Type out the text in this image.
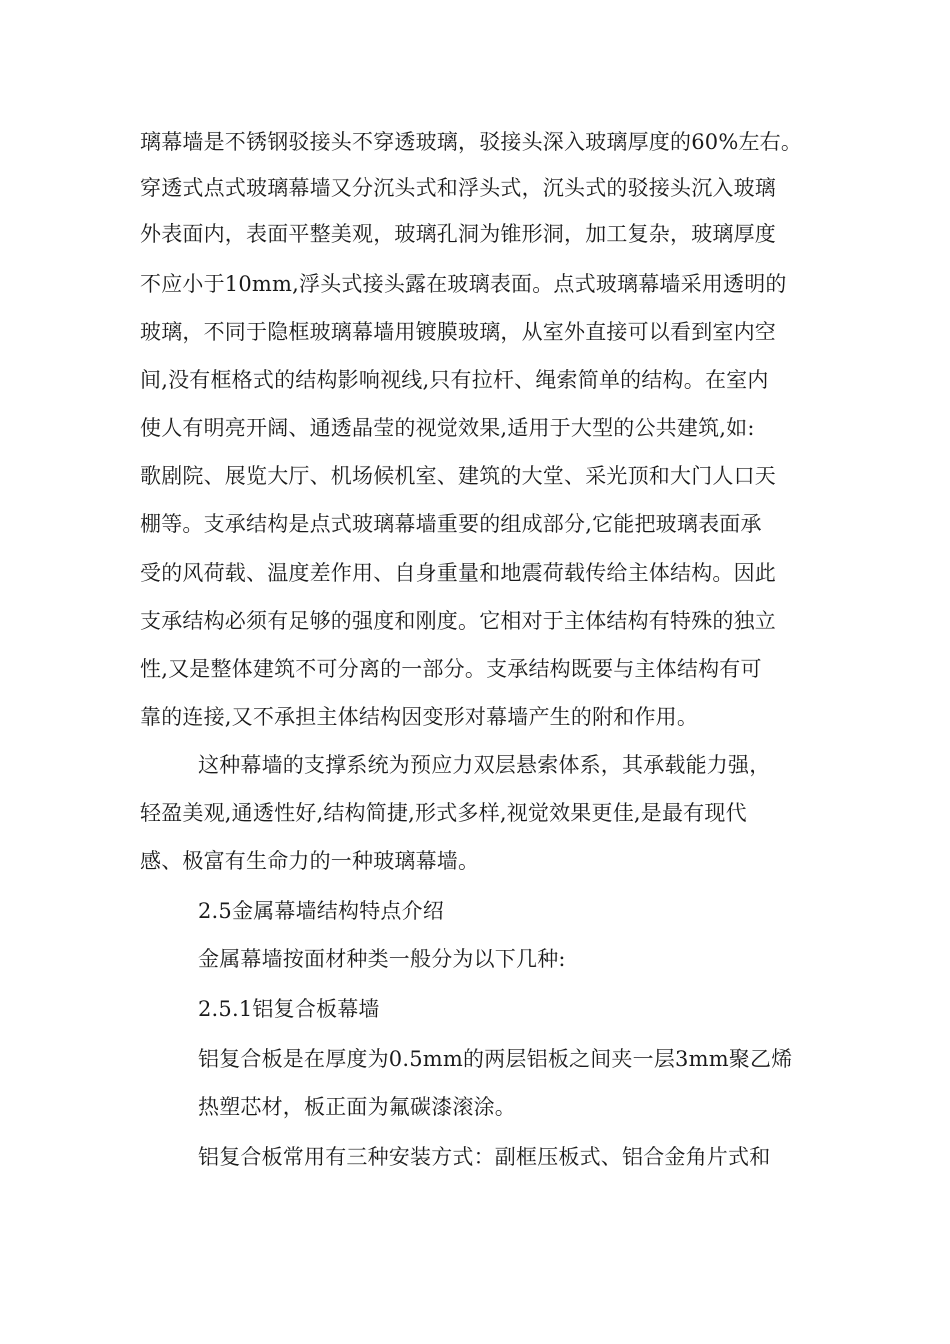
璃幕墙是不锈钢驳接头不穿透玻璃，驳接头深入玻璃厚度的60%左右。
穿透式点式玻璃幕墙又分沉头式和浮头式，沉头式的驳接头沉入玻璃
外表面内，表面平整美观，玻璃孔洞为锥形洞，加工复杂，玻璃厚度
不应小于10mm,浮头式接头露在玻璃表面。点式玻璃幕墙采用透明的
玻璃，不同于隐框玻璃幕墙用镀膜玻璃，从室外直接可以看到室内空
间,没有框格式的结构影响视线,只有拉杆、绳索简单的结构。在室内
使人有明亮开阔、通透晶莹的视觉效果,适用于大型的公共建筑,如:
歌剧院、展览大厅、机场候机室、建筑的大堂、采光顶和大门人口天
棚等。支承结构是点式玻璃幕墙重要的组成部分,它能把玻璃表面承
受的风荷载、温度差作用、自身重量和地震荷载传给主体结构。因此
支承结构必须有足够的强度和刚度。它相对于主体结构有特殊的独立
性,又是整体建筑不可分离的一部分。支承结构既要与主体结构有可
靠的连接,又不承担主体结构因变形对幕墙产生的附和作用。
这种幕墙的支撑系统为预应力双层悬索体系，其承载能力强，
轻盈美观,通透性好,结构简捷,形式多样,视觉效果更佳,是最有现代
感、极富有生命力的一种玻璃幕墙。
2.5金属幕墙结构特点介绍
金属幕墙按面材种类一般分为以下几种:
2.5.1铝复合板幕墙
铝复合板是在厚度为0.5mm的两层铝板之间夹一层3mm聚乙烯
热塑芯材，板正面为氟碳漆滚涂。
铝复合板常用有三种安装方式：副框压板式、铝合金角片式和
